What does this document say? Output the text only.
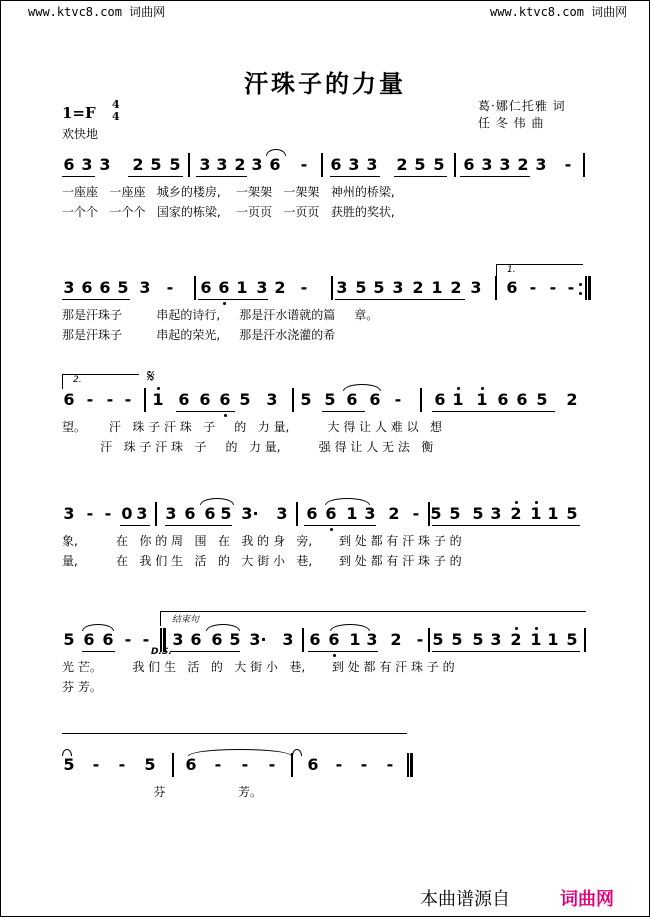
www.ktvc8.com 词曲网	www.ktvc8.com 词曲网
汗珠子的力量
1=F 4
4
欢快地
葛·娜仁托雅 词
任 冬 伟 曲
6 3 3 2 5 5 3 3 2 3 6 - 6 3 3 2 5 5 6 3 3 2 3 -
一座座   一座座   城乡的楼房,    一架架   一架架   神州的桥梁,
一个个   一个个   国家的栋梁,    一页页   一页页   获胜的奖状,
3 6 6 5 3 - 6 6 1 3 2 - 3 5 5 3 2 1 2 3 6 - - -
那是汗珠子         串起的诗行,     那是汗水谱就的篇     章。
那是汗珠子         串起的荣光,     那是汗水浇灌的希
6 - - - 1 6 6 6 5 3 5 5 6 6 - 6 1 1 6 6 5 2
望。      汗   珠 子 汗 珠   子     的   力 量,          大 得 让 人 难 以   想
汗   珠 子 汗 珠   子     的   力 量,          强 得 让 人 无 法   衡
3 - - 0 3 3 6 6 5 3· 3 6 6 1 3 2 - 5 5 5 3 2 1 1 5
象,          在   你 的 周   围   在   我 的 身   旁,       到 处 都 有 汗 珠 子 的
量,          在   我 们 生   活   的   大 街 小   巷,       到 处 都 有 汗 珠 子 的
5 6 6 - - 3 6 6 5 3· 3 6 6 1 3 2 - 5 5 5 3 2 1 1 5
光 芒。        我 们 生   活   的   大 街 小   巷,       到 处 都 有 汗 珠 子 的
芬 芳。
5 - - 5 6 - - - 6 - - -
芬                   芳。
1.
2.	𝄋
D.S.
结束句
本曲谱源自	词曲网
